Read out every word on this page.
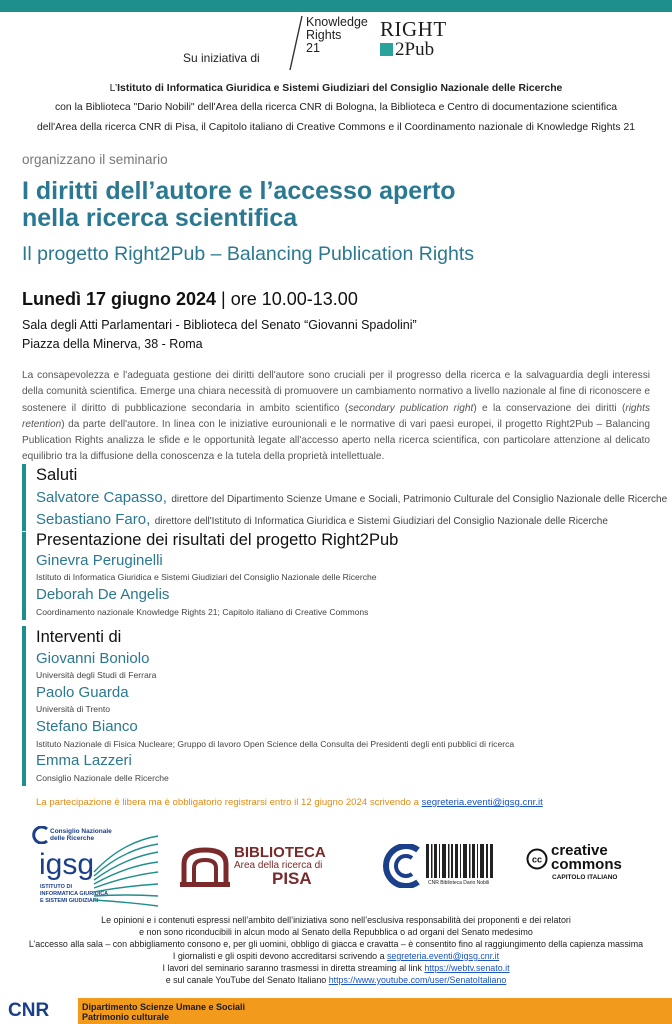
Su iniziativa di
Knowledge
Rights
21
RIGHT
2Pub
L’Istituto di Informatica Giuridica e Sistemi Giudiziari del Consiglio Nazionale delle Ricerche
con la Biblioteca "Dario Nobili" dell'Area della ricerca CNR di Bologna, la Biblioteca e Centro di documentazione scientifica
dell'Area della ricerca CNR di Pisa, il Capitolo italiano di Creative Commons e il Coordinamento nazionale di Knowledge Rights 21
organizzano il seminario
I diritti dell’autore e l’accesso aperto
nella ricerca scientifica
Il progetto Right2Pub – Balancing Publication Rights
Lunedì 17 giugno 2024 | ore 10.00-13.00
Sala degli Atti Parlamentari - Biblioteca del Senato “Giovanni Spadolini”
Piazza della Minerva, 38 - Roma
La consapevolezza e l'adeguata gestione dei diritti dell'autore sono cruciali per il progresso della ricerca e la salvaguardia degli interessi della comunità scientifica. Emerge una chiara necessità di promuovere un cambiamento normativo a livello nazionale al fine di riconoscere e sostenere il diritto di pubblicazione secondaria in ambito scientifico (secondary publication right) e la conservazione dei diritti (rights retention) da parte dell'autore. In linea con le iniziative eurounionali e le normative di vari paesi europei, il progetto Right2Pub – Balancing Publication Rights analizza le sfide e le opportunità legate all'accesso aperto nella ricerca scientifica, con particolare attenzione al delicato equilibrio tra la diffusione della conoscenza e la tutela della proprietà intellettuale.
Saluti
Salvatore Capasso, direttore del Dipartimento Scienze Umane e Sociali, Patrimonio Culturale del Consiglio Nazionale delle Ricerche
Sebastiano Faro, direttore dell'Istituto di Informatica Giuridica e Sistemi Giudiziari del Consiglio Nazionale delle Ricerche
Presentazione dei risultati del progetto Right2Pub
Ginevra Peruginelli
Istituto di Informatica Giuridica e Sistemi Giudiziari del Consiglio Nazionale delle Ricerche
Deborah De Angelis
Coordinamento nazionale Knowledge Rights 21; Capitolo italiano di Creative Commons
Interventi di
Giovanni Boniolo
Università degli Studi di Ferrara
Paolo Guarda
Università di Trento
Stefano Bianco
Istituto Nazionale di Fisica Nucleare; Gruppo di lavoro Open Science della Consulta dei Presidenti degli enti pubblici di ricerca
Emma Lazzeri
Consiglio Nazionale delle Ricerche
La partecipazione è libera ma è obbligatorio registrarsi entro il 12 giugno 2024 scrivendo a segreteria.eventi@igsg.cnr.it
Consiglio Nazionale
delle Ricerche
igsg
ISTITUTO DI
INFORMATICA GIURIDICA
E SISTEMI GIUDIZIARI
BIBLIOTECA
Area della ricerca di
PISA	CNR Biblioteca Dario Nobili
cc
creative
commons
CAPITOLO ITALIANO
Le opinioni e i contenuti espressi nell’ambito dell’iniziativa sono nell’esclusiva responsabilità dei proponenti e dei relatori
e non sono riconducibili in alcun modo al Senato della Repubblica o ad organi del Senato medesimo
L’accesso alla sala – con abbigliamento consono e, per gli uomini, obbligo di giacca e cravatta – è consentito fino al raggiungimento della capienza massima
I giornalisti e gli ospiti devono accreditarsi scrivendo a segreteria.eventi@igsg.cnr.it
I lavori del seminario saranno trasmessi in diretta streaming al link https://webtv.senato.it
e sul canale YouTube del Senato Italiano https://www.youtube.com/user/SenatoItaliano
CNR	Dipartimento Scienze Umane e Sociali
Patrimonio culturale
